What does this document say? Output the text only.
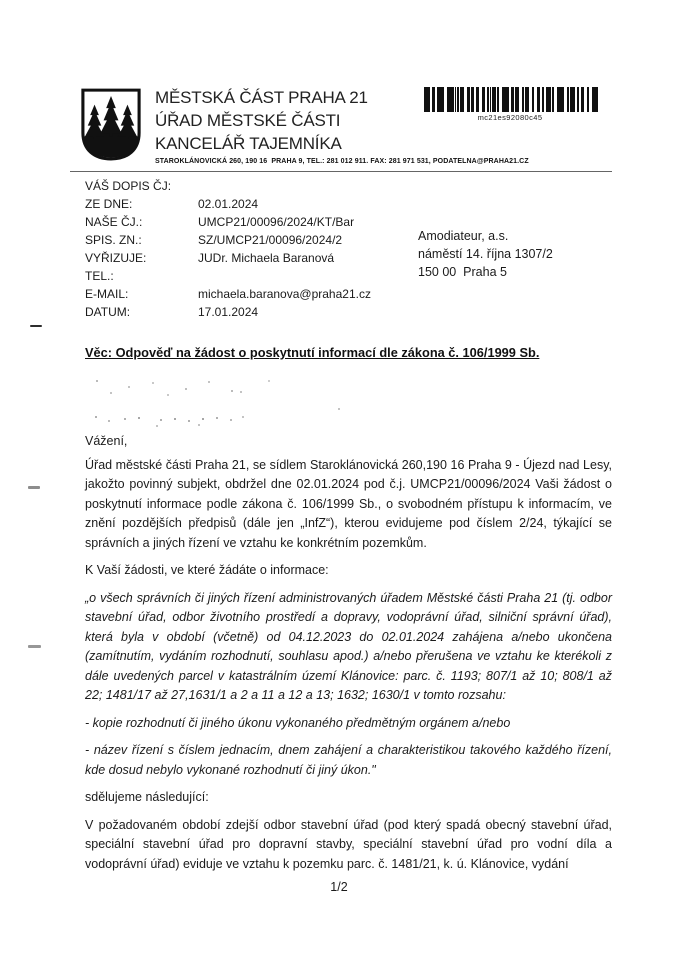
MĚSTSKÁ ČÁST PRAHA 21
ÚŘAD MĚSTSKÉ ČÁSTI
KANCELÁŘ TAJEMNÍKA
STAROKLÁNOVICKÁ 260, 190 16  PRAHA 9, TEL.: 281 012 911. FAX: 281 971 531, PODATELNA@PRAHA21.CZ
mc21es92080c45
VÁŠ DOPIS ČJ:
ZE DNE:	02.01.2024
NAŠE ČJ.:	UMCP21/00096/2024/KT/Bar
SPIS. ZN.:	SZ/UMCP21/00096/2024/2
VYŘIZUJE:	JUDr. Michaela Baranová
TEL.:
E-MAIL:	michaela.baranova@praha21.cz
DATUM:	17.01.2024
Amodiateur, a.s.
náměstí 14. října 1307/2
150 00  Praha 5
Věc: Odpověď na žádost o poskytnutí informací dle zákona č. 106/1999 Sb.

Vážení,

Úřad městské části Praha 21, se sídlem Staroklánovická 260,190 16 Praha 9 - Újezd nad Lesy, jakožto povinný subjekt, obdržel dne 02.01.2024 pod č.j. UMCP21/00096/2024 Vaši žádost o poskytnutí informace podle zákona č. 106/1999 Sb., o svobodném přístupu k informacím, ve znění pozdějších předpisů (dále jen „InfZ“), kterou evidujeme pod číslem 2/24, týkající se správních a jiných řízení ve vztahu ke konkrétním pozemkům.

K Vaší žádosti, ve které žádáte o informace:

„o všech správních či jiných řízení administrovaných úřadem Městské části Praha 21 (tj. odbor stavební úřad, odbor životního prostředí a dopravy, vodoprávní úřad, silniční správní úřad), která byla v období (včetně) od 04.12.2023 do 02.01.2024 zahájena a/nebo ukončena (zamítnutím, vydáním rozhodnutí, souhlasu apod.) a/nebo přerušena ve vztahu ke kterékoli z dále uvedených parcel v katastrálním území Klánovice: parc. č. 1193; 807/1 až 10; 808/1 až 22; 1481/17 až 27,1631/1 a 2 a 11 a 12 a 13; 1632; 1630/1 v tomto rozsahu:

- kopie rozhodnutí či jiného úkonu vykonaného předmětným orgánem a/nebo

- název řízení s číslem jednacím, dnem zahájení a charakteristikou takového každého řízení, kde dosud nebylo vykonané rozhodnutí či jiný úkon."

sdělujeme následující:

V požadovaném období zdejší odbor stavební úřad (pod který spadá obecný stavební úřad, speciální stavební úřad pro dopravní stavby, speciální stavební úřad pro vodní díla a vodoprávní úřad) eviduje ve vztahu k pozemku parc. č. 1481/21, k. ú. Klánovice, vydání

1/2
